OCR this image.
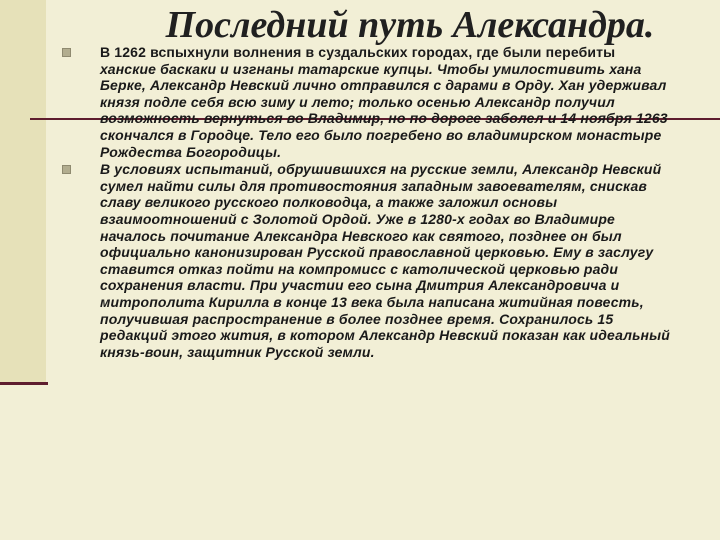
Последний путь Александра.

В 1262 вспыхнули волнения в суздальских городах, где были перебиты ханские баскаки и изгнаны татарские купцы. Чтобы умилостивить хана Берке, Александр Невский лично отправился с дарами в Орду. Хан удерживал князя подле себя всю зиму и лето; только осенью Александр получил возможность вернуться во Владимир, но по дороге заболел и 14 ноября 1263 скончался в Городце. Тело его было погребено во владимирском монастыре Рождества Богородицы.

В условиях испытаний, обрушившихся на русские земли, Александр Невский сумел найти силы для противостояния западным завоевателям, снискав славу великого русского полководца, а также заложил основы взаимоотношений с Золотой Ордой. Уже в 1280-х годах во Владимире началось почитание Александра Невского как святого, позднее он был официально канонизирован Русской православной церковью. Ему в заслугу ставится отказ пойти на компромисс с католической церковью ради сохранения власти. При участии его сына Дмитрия Александровича и митрополита Кирилла в конце 13 века была написана житийная повесть, получившая распространение в более позднее время. Сохранилось 15 редакций этого жития, в котором Александр Невский показан как идеальный князь-воин, защитник Русской земли.
